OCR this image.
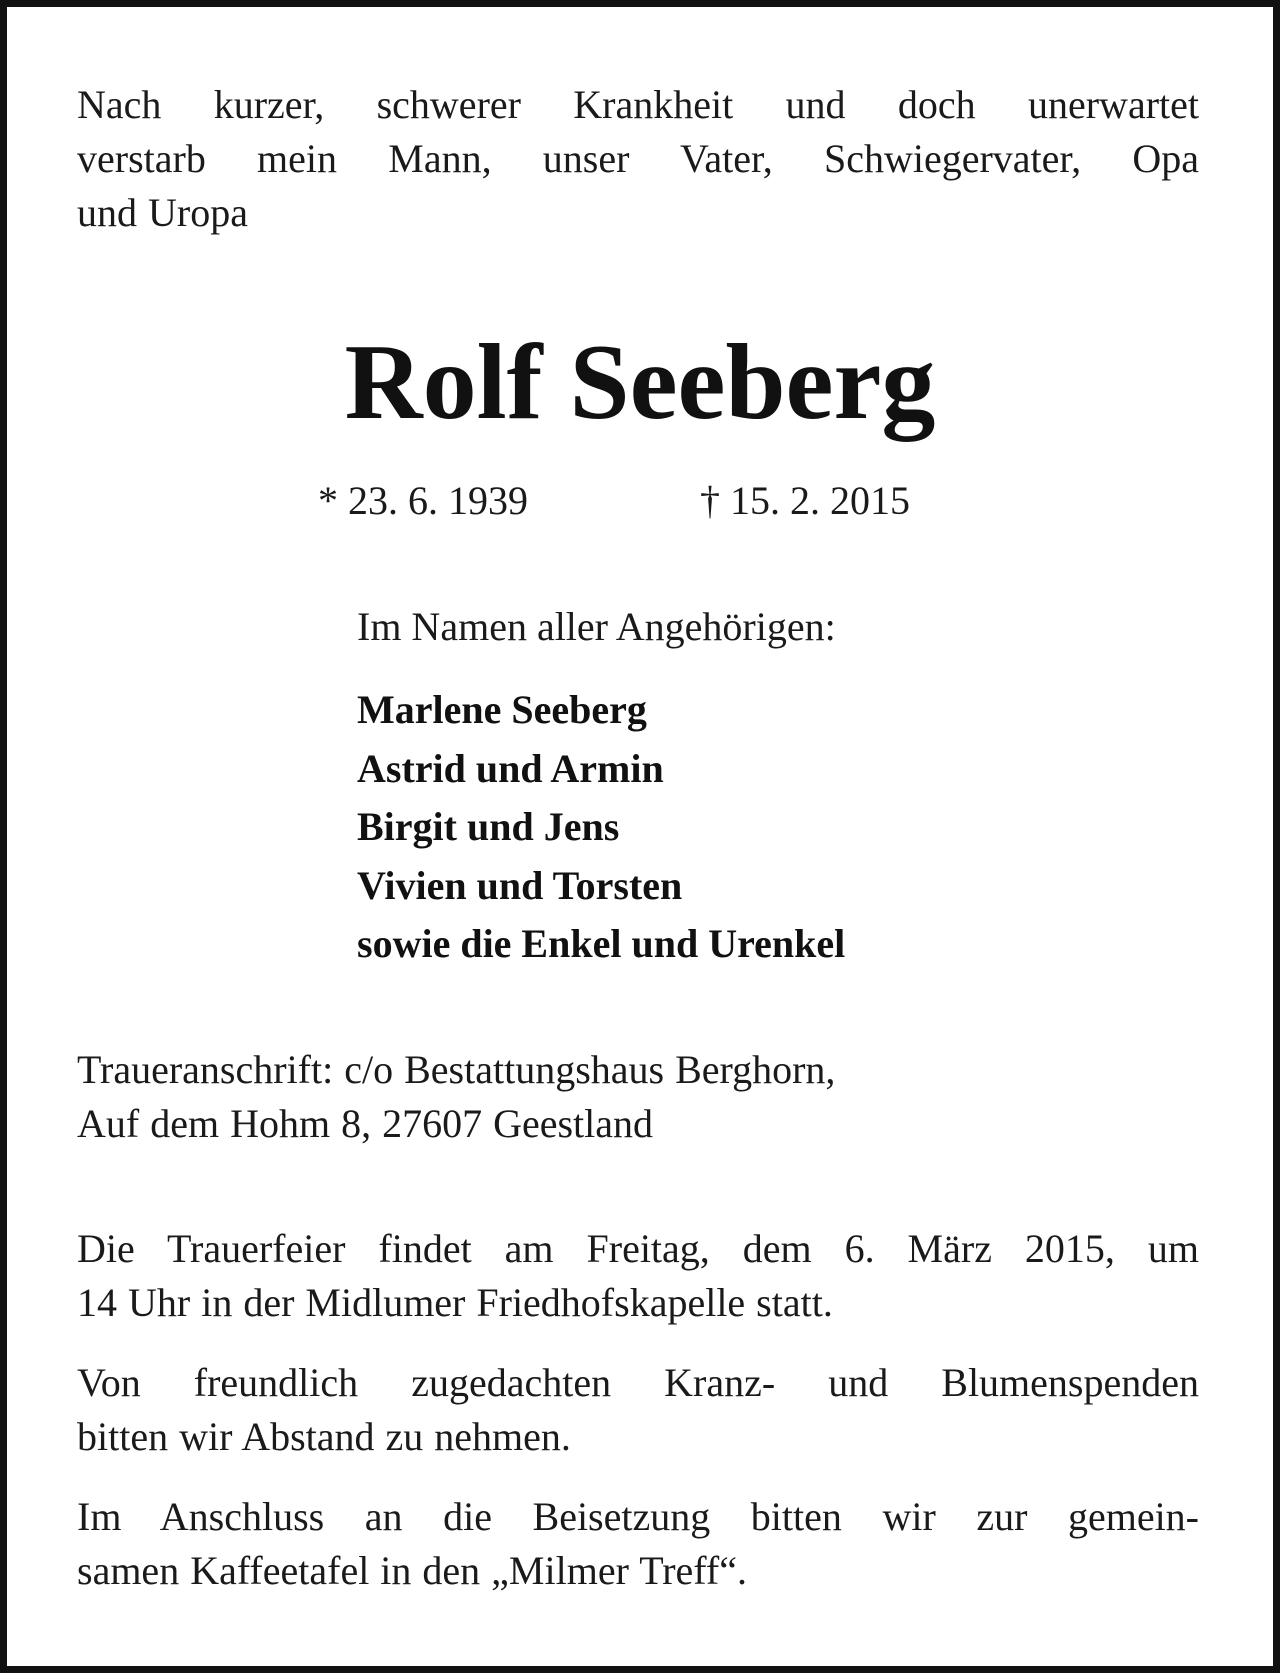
Nach kurzer, schwerer Krankheit und doch unerwartet
verstarb mein Mann, unser Vater, Schwiegervater, Opa
und Uropa
Rolf Seeberg
* 23. 6. 1939	† 15. 2. 2015
Im Namen aller Angehörigen:
Marlene Seeberg
Astrid und Armin
Birgit und Jens
Vivien und Torsten
sowie die Enkel und Urenkel
Traueranschrift: c/o Bestattungshaus Berghorn,
Auf dem Hohm 8, 27607 Geestland
Die Trauerfeier findet am Freitag, dem 6. März 2015, um
14 Uhr in der Midlumer Friedhofskapelle statt.
Von freundlich zugedachten Kranz- und Blumenspenden
bitten wir Abstand zu nehmen.
Im Anschluss an die Beisetzung bitten wir zur gemein-
samen Kaffeetafel in den „Milmer Treff“.
